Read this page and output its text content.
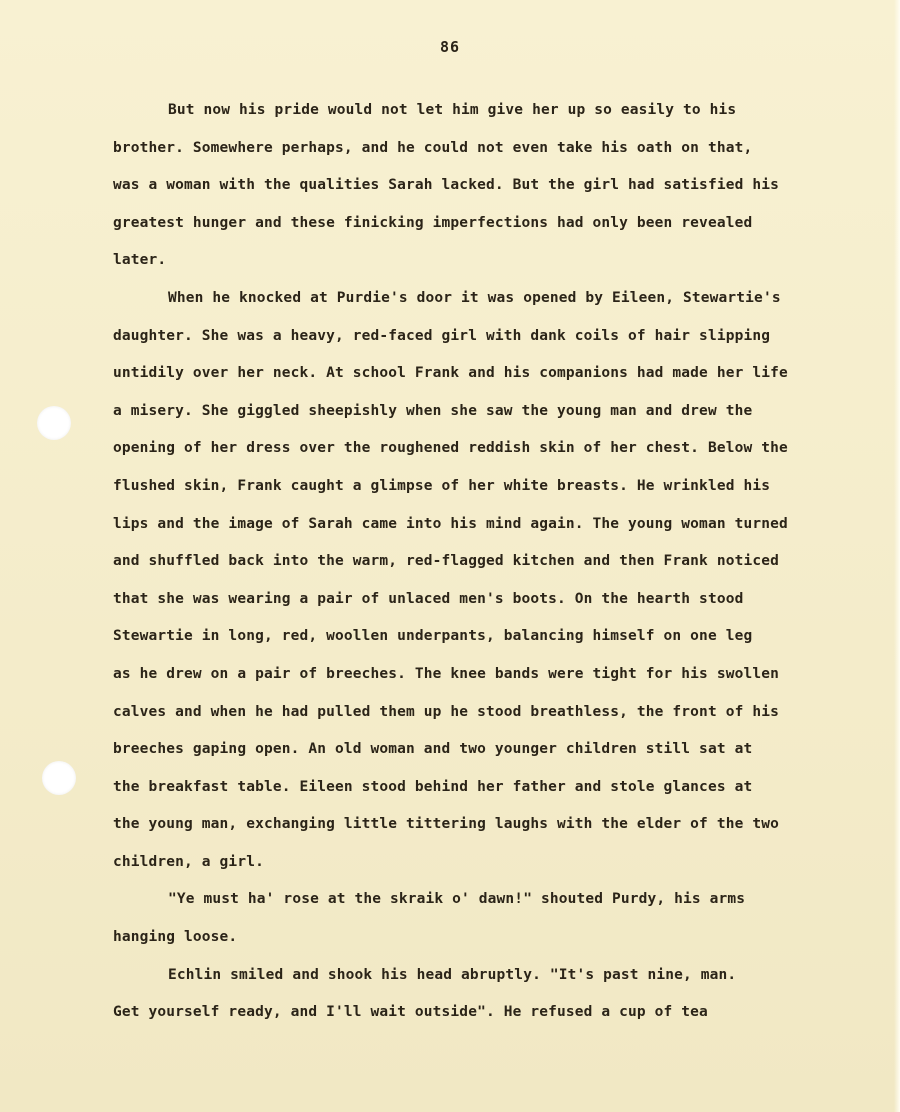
86
But now his pride would not let him give her up so easily to his
brother. Somewhere perhaps, and he could not even take his oath on that,
was a woman with the qualities Sarah lacked. But the girl had satisfied his
greatest hunger and these finicking imperfections had only been revealed
later.
When he knocked at Purdie's door it was opened by Eileen, Stewartie's
daughter. She was a heavy, red-faced girl with dank coils of hair slipping
untidily over her neck. At school Frank and his companions had made her life
a misery. She giggled sheepishly when she saw the young man and drew the
opening of her dress over the roughened reddish skin of her chest. Below the
flushed skin, Frank caught a glimpse of her white breasts. He wrinkled his
lips and the image of Sarah came into his mind again. The young woman turned
and shuffled back into the warm, red-flagged kitchen and then Frank noticed
that she was wearing a pair of unlaced men's boots. On the hearth stood
Stewartie in long, red, woollen underpants, balancing himself on one leg
as he drew on a pair of breeches. The knee bands were tight for his swollen
calves and when he had pulled them up he stood breathless, the front of his
breeches gaping open. An old woman and two younger children still sat at
the breakfast table. Eileen stood behind her father and stole glances at
the young man, exchanging little tittering laughs with the elder of the two
children, a girl.
"Ye must ha' rose at the skraik o' dawn!" shouted Purdy, his arms
hanging loose.
Echlin smiled and shook his head abruptly. "It's past nine, man.
Get yourself ready, and I'll wait outside". He refused a cup of tea
